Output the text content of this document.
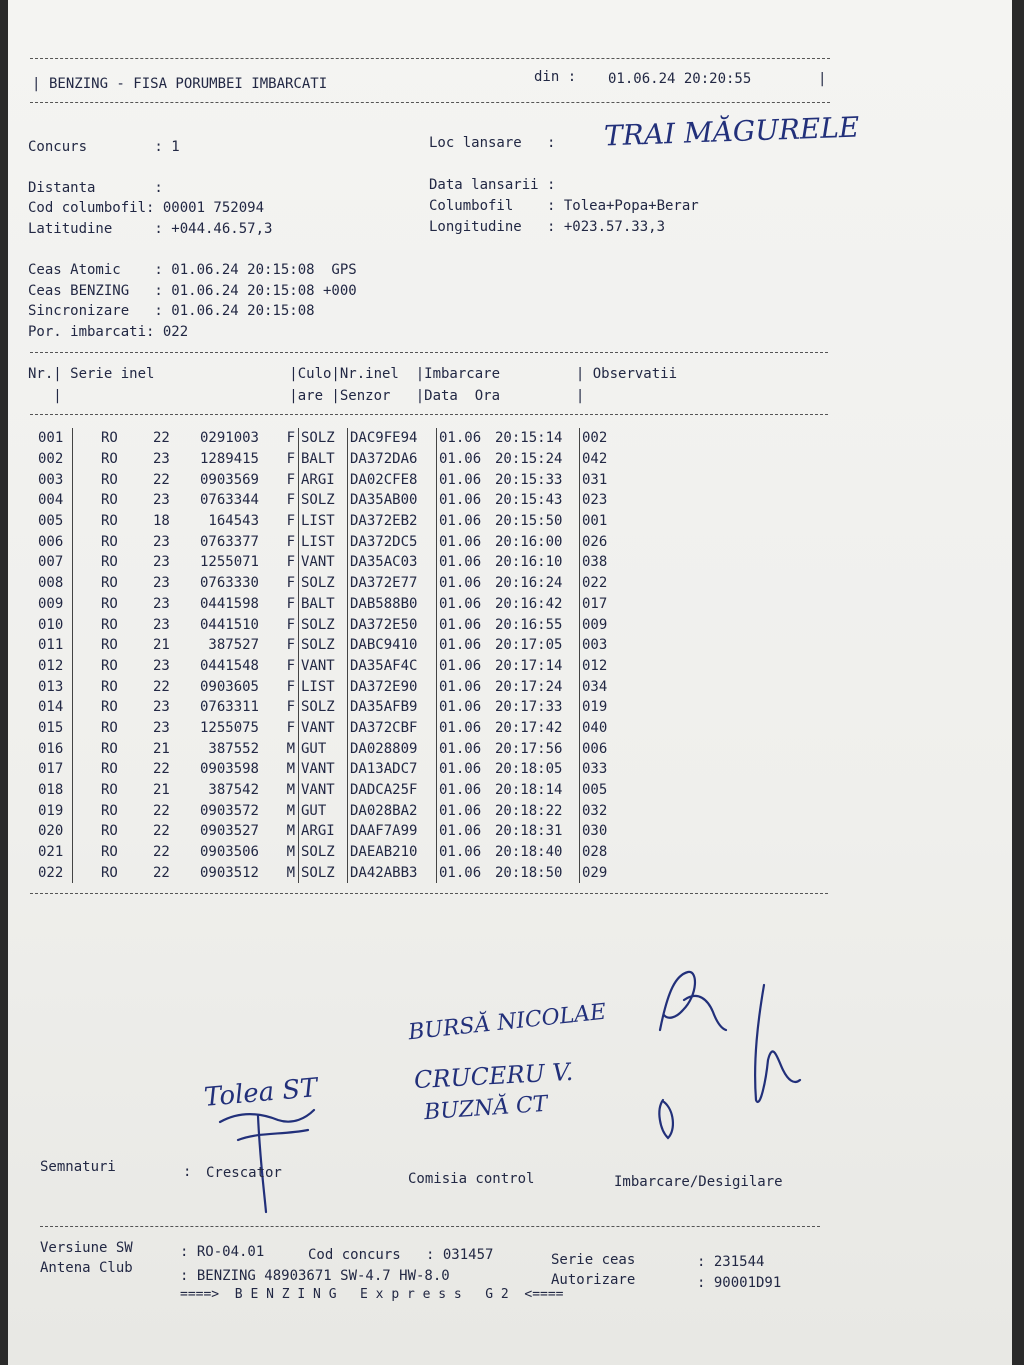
| BENZING - FISA PORUMBEI IMBARCATI	din : 01.06.24 20:20:55	|
Concurs        : 1	Loc lansare   : TRAI MĂGURELE
Distanta       :	Data lansarii :
Cod columbofil: 00001 752094	Columbofil    : Tolea+Popa+Berar
Latitudine     : +044.46.57,3	Longitudine   : +023.57.33,3
Ceas Atomic    : 01.06.24 20:15:08  GPS
Ceas BENZING   : 01.06.24 20:15:08 +000
Sincronizare   : 01.06.24 20:15:08
Por. imbarcati: 022
Nr.| Serie inel                |Culo|Nr.inel  |Imbarcare         | Observatii
|                           |are |Senzor   |Data  Ora         |
001	RO	22	0291003	F	SOLZ	DAC9FE94	01.06	20:15:14	002
002	RO	23	1289415	F	BALT	DA372DA6	01.06	20:15:24	042
003	RO	22	0903569	F	ARGI	DA02CFE8	01.06	20:15:33	031
004	RO	23	0763344	F	SOLZ	DA35AB00	01.06	20:15:43	023
005	RO	18	164543	F	LIST	DA372EB2	01.06	20:15:50	001
006	RO	23	0763377	F	LIST	DA372DC5	01.06	20:16:00	026
007	RO	23	1255071	F	VANT	DA35AC03	01.06	20:16:10	038
008	RO	23	0763330	F	SOLZ	DA372E77	01.06	20:16:24	022
009	RO	23	0441598	F	BALT	DAB588B0	01.06	20:16:42	017
010	RO	23	0441510	F	SOLZ	DA372E50	01.06	20:16:55	009
011	RO	21	387527	F	SOLZ	DABC9410	01.06	20:17:05	003
012	RO	23	0441548	F	VANT	DA35AF4C	01.06	20:17:14	012
013	RO	22	0903605	F	LIST	DA372E90	01.06	20:17:24	034
014	RO	23	0763311	F	SOLZ	DA35AFB9	01.06	20:17:33	019
015	RO	23	1255075	F	VANT	DA372CBF	01.06	20:17:42	040
016	RO	21	387552	M	GUT	DA028809	01.06	20:17:56	006
017	RO	22	0903598	M	VANT	DA13ADC7	01.06	20:18:05	033
018	RO	21	387542	M	VANT	DADCA25F	01.06	20:18:14	005
019	RO	22	0903572	M	GUT	DA028BA2	01.06	20:18:22	032
020	RO	22	0903527	M	ARGI	DAAF7A99	01.06	20:18:31	030
021	RO	22	0903506	M	SOLZ	DAEAB210	01.06	20:18:40	028
022	RO	22	0903512	M	SOLZ	DA42ABB3	01.06	20:18:50	029
BURSĂ NICOLAE
CRUCERU V.
BUZNĂ CT
Tolea ST
Semnaturi	: Crescator	Comisia control	Imbarcare/Desigilare
Versiune SW	: RO-04.01	Cod concurs   : 031457	Serie ceas	: 231544
Antena Club	: BENZING 48903671 SW-4.7 HW-8.0	Autorizare	: 90001D91
====>  B E N Z I N G   E x p r e s s   G 2  <====
